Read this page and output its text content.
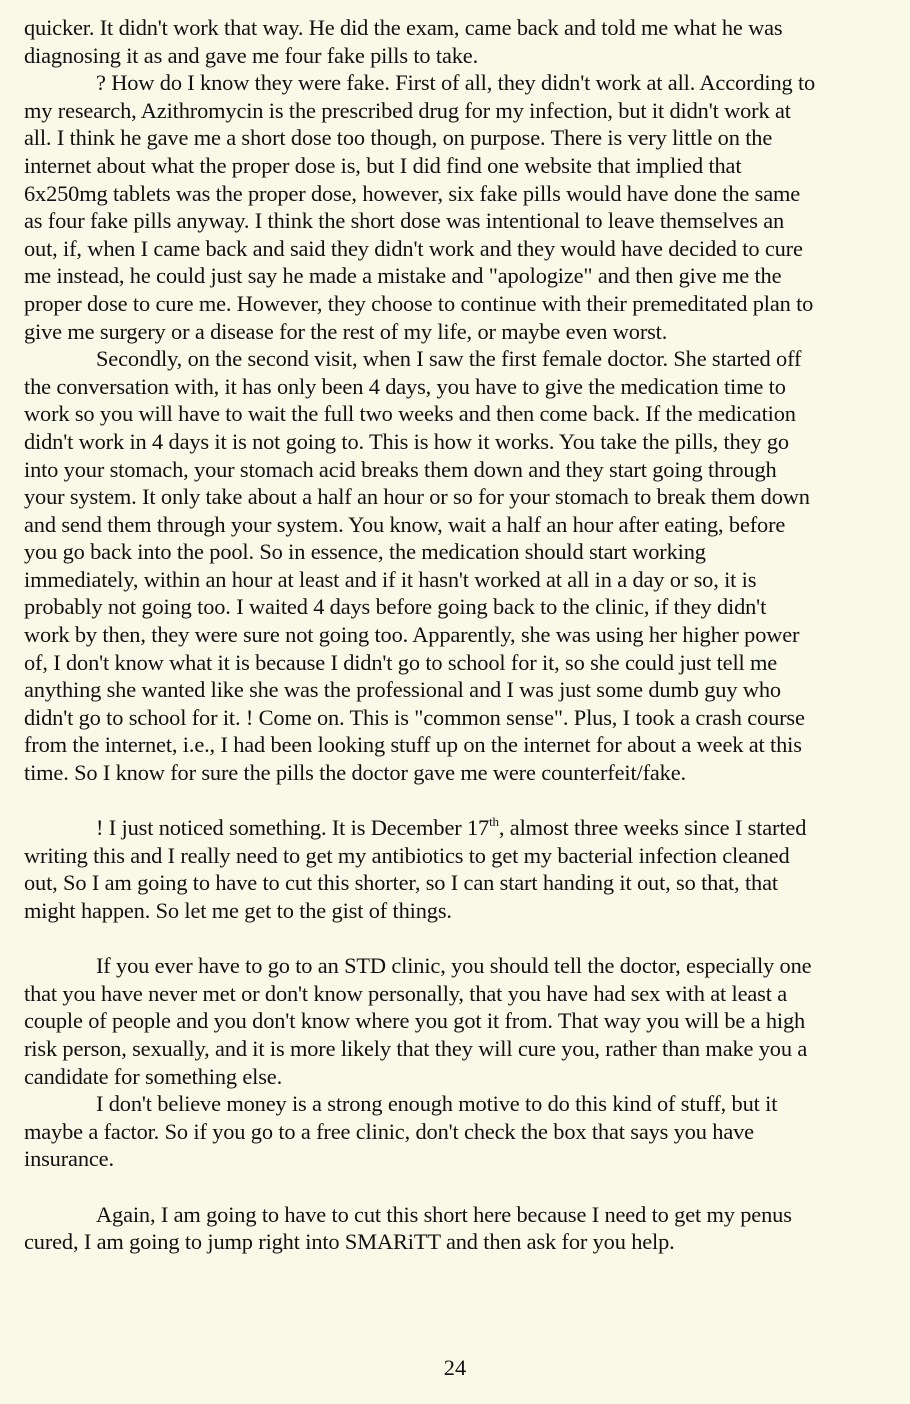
quicker. It didn't work that way. He did the exam, came back and told me what he was
diagnosing it as and gave me four fake pills to take.
? How do I know they were fake. First of all, they didn't work at all. According to
my research, Azithromycin is the prescribed drug for my infection, but it didn't work at
all. I think he gave me a short dose too though, on purpose. There is very little on the
internet about what the proper dose is, but I did find one website that implied that
6x250mg tablets was the proper dose, however, six fake pills would have done the same
as four fake pills anyway. I think the short dose was intentional to leave themselves an
out, if, when I came back and said they didn't work and they would have decided to cure
me instead, he could just say he made a mistake and "apologize" and then give me the
proper dose to cure me. However, they choose to continue with their premeditated plan to
give me surgery or a disease for the rest of my life, or maybe even worst.
Secondly, on the second visit, when I saw the first female doctor. She started off
the conversation with, it has only been 4 days, you have to give the medication time to
work so you will have to wait the full two weeks and then come back. If the medication
didn't work in 4 days it is not going to. This is how it works. You take the pills, they go
into your stomach, your stomach acid breaks them down and they start going through
your system. It only take about a half an hour or so for your stomach to break them down
and send them through your system. You know, wait a half an hour after eating, before
you go back into the pool. So in essence, the medication should start working
immediately, within an hour at least and if it hasn't worked at all in a day or so, it is
probably not going too. I waited 4 days before going back to the clinic, if they didn't
work by then, they were sure not going too. Apparently, she was using her higher power
of, I don't know what it is because I didn't go to school for it, so she could just tell me
anything she wanted like she was the professional and I was just some dumb guy who
didn't go to school for it. ! Come on. This is "common sense". Plus, I took a crash course
from the internet, i.e., I had been looking stuff up on the internet for about a week at this
time. So I know for sure the pills the doctor gave me were counterfeit/fake.
! I just noticed something. It is December 17th, almost three weeks since I started
writing this and I really need to get my antibiotics to get my bacterial infection cleaned
out, So I am going to have to cut this shorter, so I can start handing it out, so that, that
might happen. So let me get to the gist of things.
If you ever have to go to an STD clinic, you should tell the doctor, especially one
that you have never met or don't know personally, that you have had sex with at least a
couple of people and you don't know where you got it from. That way you will be a high
risk person, sexually, and it is more likely that they will cure you, rather than make you a
candidate for something else.
I don't believe money is a strong enough motive to do this kind of stuff, but it
maybe a factor. So if you go to a free clinic, don't check the box that says you have
insurance.
Again, I am going to have to cut this short here because I need to get my penus
cured, I am going to jump right into SMARiTT and then ask for you help.
24
